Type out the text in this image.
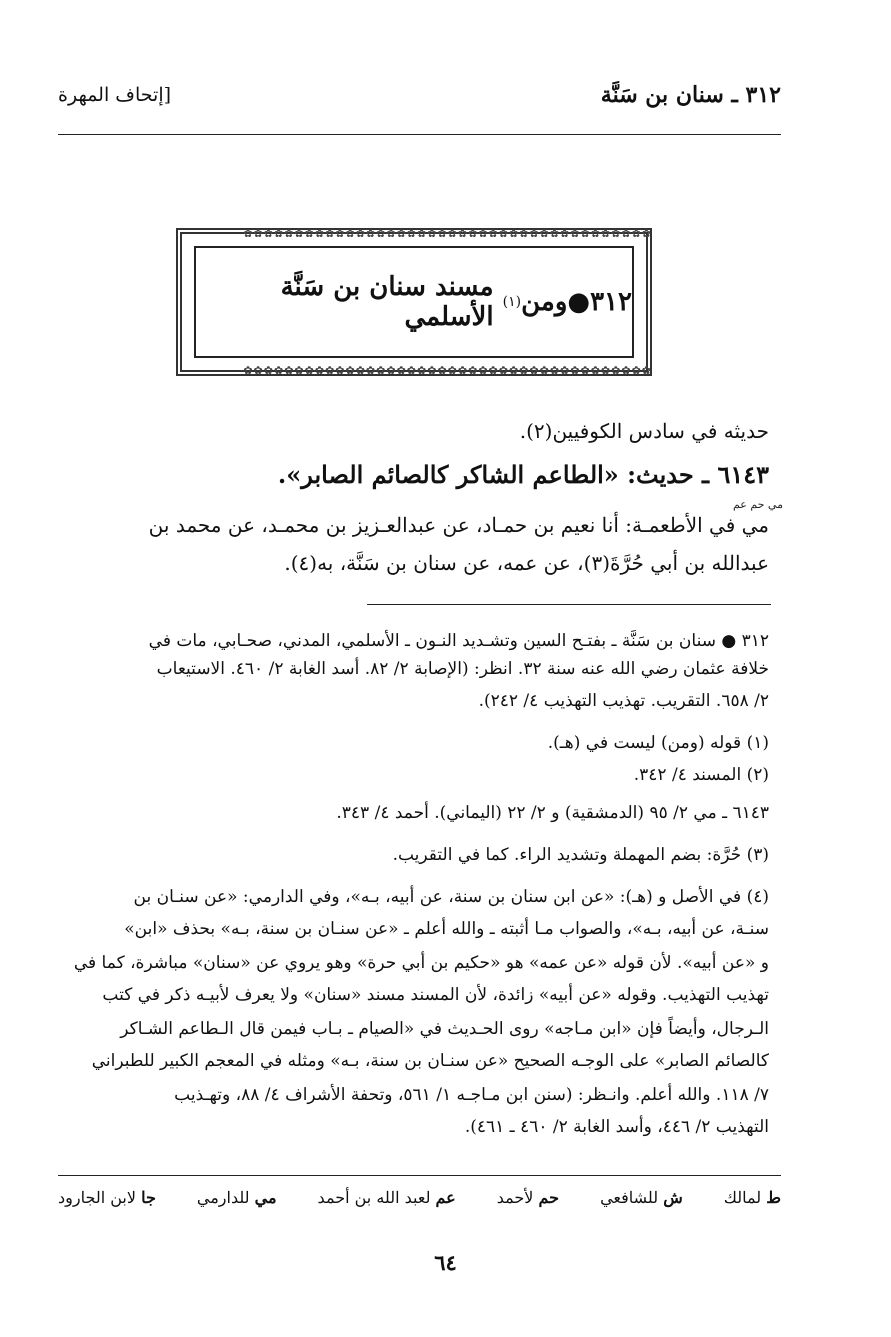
٣١٢ ـ سنان بن سَنَّة
[إتحاف المهرة
٣١٢●ومن
(١)

مسند سنان بن سَنَّة الأسلمي
✿✿✿✿✿✿✿✿✿✿✿✿✿✿✿✿✿✿✿✿✿✿✿✿✿✿✿✿✿✿✿✿✿✿✿✿✿✿✿✿
✿✿✿✿✿✿✿✿✿✿✿✿✿✿✿✿✿✿✿✿✿✿✿✿✿✿✿✿✿✿✿✿✿✿✿✿✿✿✿✿
حديثه في سادس الكوفيين(٢).
٦١٤٣ ـ حديث: «الطاعم الشاكر كالصائم الصابر».
مي حم عم
مي في الأطعمـة: أنا نعيم بن حمـاد، عن عبدالعـزيز بن محمـد، عن محمد بن
عبدالله بن أبي حُرَّةَ(٣)، عن عمه، عن سنان بن سَنَّة، به(٤).
٣١٢ ● سنان بن سَنَّة ـ بفتـح السين وتشـديد النـون ـ الأسلمي، المدني، صحـابي، مات في
خلافة عثمان رضي الله عنه سنة ٣٢. انظر: (الإصابة ٢/ ٨٢. أسد الغابة ٢/ ٤٦٠. الاستيعاب
٢/ ٦٥٨. التقريب. تهذيب التهذيب ٤/ ٢٤٢).
(١) قوله (ومن) ليست في (هـ).
(٢) المسند ٤/ ٣٤٢.
٦١٤٣ ـ مي ٢/ ٩٥ (الدمشقية) و ٢/ ٢٢ (اليماني). أحمد ٤/ ٣٤٣.
(٣) حُرَّة: بضم المهملة وتشديد الراء. كما في التقريب.
(٤) في الأصل و (هـ): «عن ابن سنان بن سنة، عن أبيه، بـه»، وفي الدارمي: «عن سنـان بن
سنـة، عن أبيه، بـه»، والصواب مـا أثبته ـ والله أعلم ـ «عن سنـان بن سنة، بـه» بحذف «ابن»
و «عن أبيه». لأن قوله «عن عمه» هو «حكيم بن أبي حرة» وهو يروي عن «سنان» مباشرة، كما في
تهذيب التهذيب. وقوله «عن أبيه» زائدة، لأن المسند مسند «سنان» ولا يعرف لأبيـه ذكر في كتب
الـرجال، وأيضاً فإن «ابن مـاجه» روى الحـديث في «الصيام ـ بـاب فيمن قال الـطاعم الشـاكر
كالصائم الصابر» على الوجـه الصحيح «عن سنـان بن سنة، بـه» ومثله في المعجم الكبير للطبراني
٧/ ١١٨. والله أعلم. وانـظر: (سنن ابن مـاجـه ١/ ٥٦١، وتحفة الأشراف ٤/ ٨٨، وتهـذيب
التهذيب ٢/ ٤٤٦، وأسد الغابة ٢/ ٤٦٠ ـ ٤٦١).
ط لمالك
ش للشافعي
حم لأحمد
عم لعبد الله بن أحمد
مي للدارمي
جا لابن الجارود
٦٤
